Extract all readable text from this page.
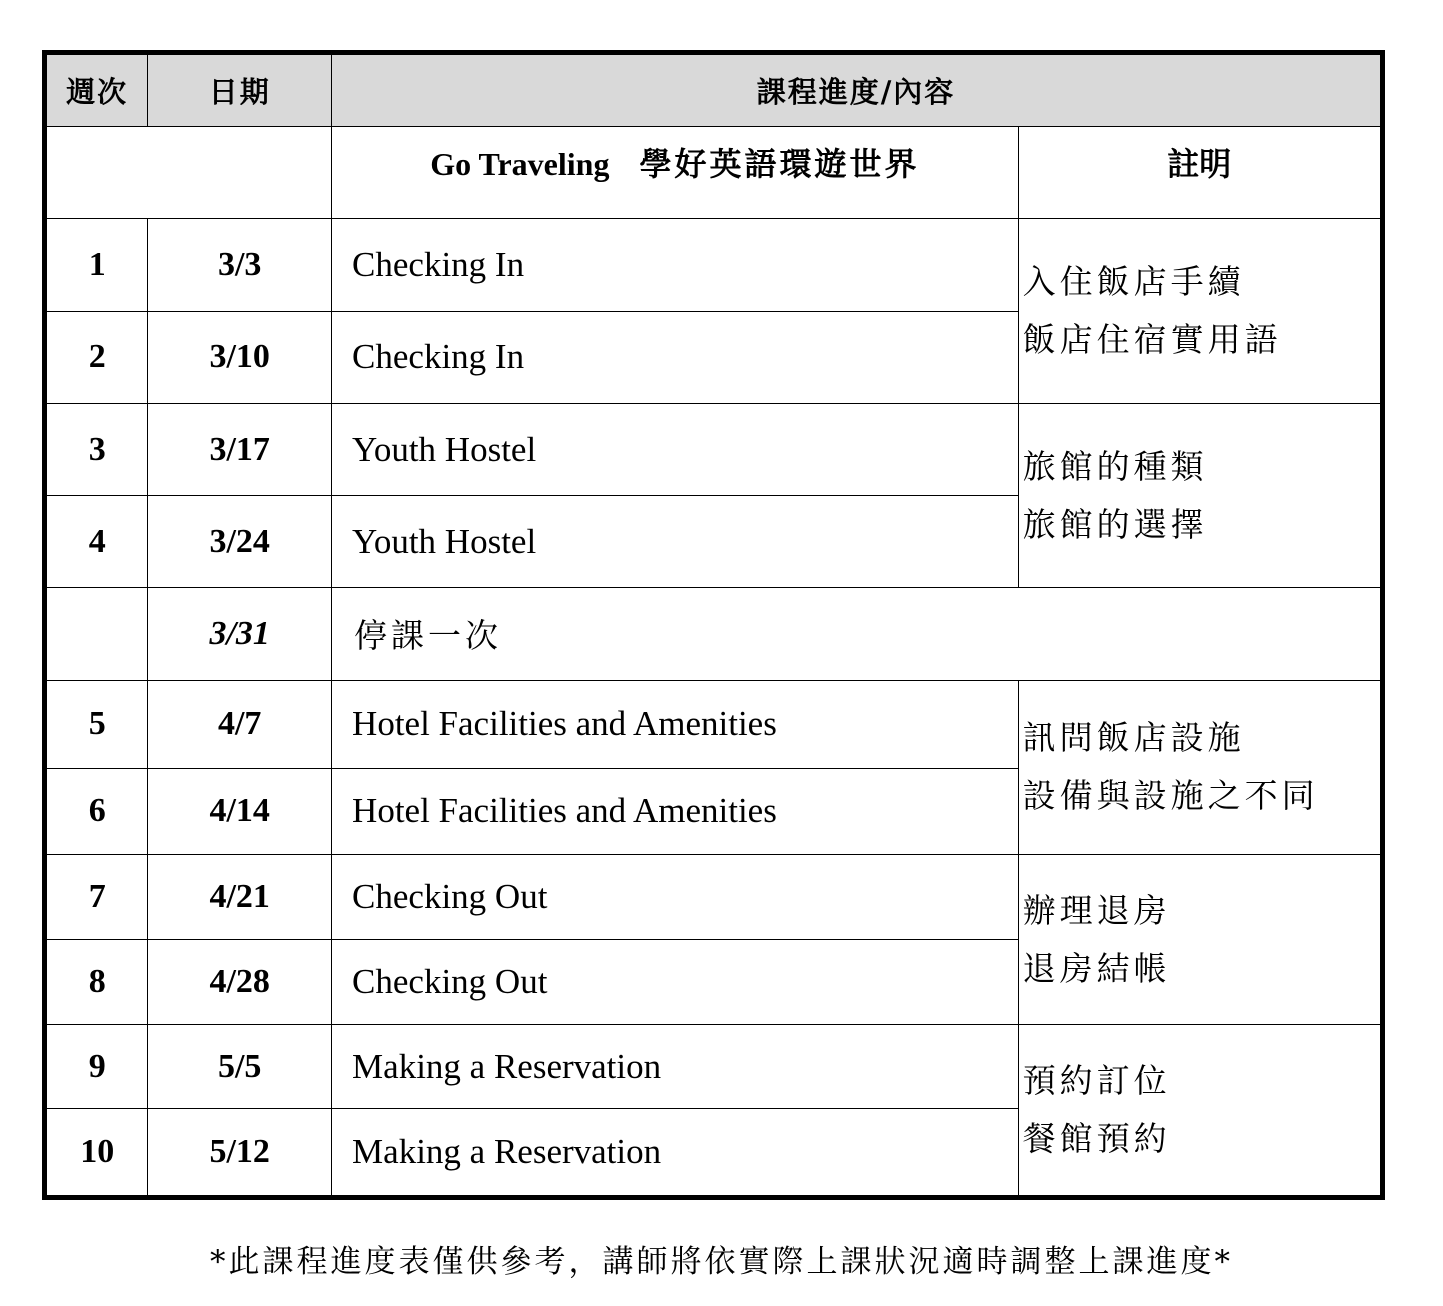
週次	日期	課程進度/內容	
		Go Traveling 學好英語環遊世界	註明
1	3/3	Checking In	入住飯店手續
飯店住宿實用語

2	3/10	Checking In	
3	3/17	Youth Hostel	旅館的種類
旅館的選擇

4	3/24	Youth Hostel	
	3/31	停課一次	
5	4/7	Hotel Facilities and Amenities	訊問飯店設施
設備與設施之不同

6	4/14	Hotel Facilities and Amenities	
7	4/21	Checking Out	辦理退房
退房結帳

8	4/28	Checking Out	
9	5/5	Making a Reservation	預約訂位
餐館預約

10	5/12	Making a Reservation	
*此課程進度表僅供參考，講師將依實際上課狀況適時調整上課進度*
